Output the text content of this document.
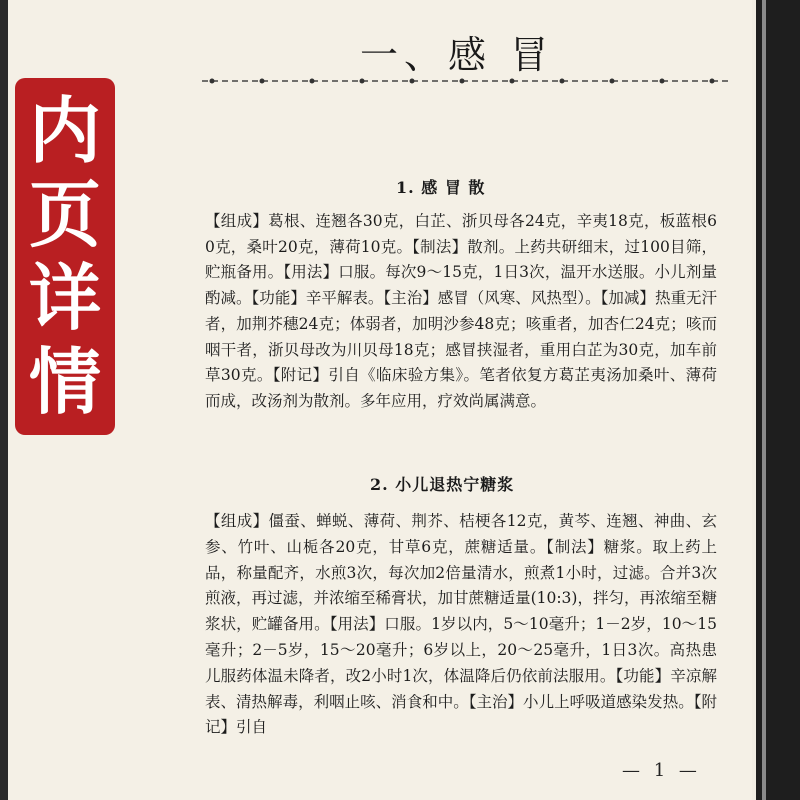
内
页
详
情
一、感 冒
1. 感 冒 散

【组成】葛根、连翘各30克，白芷、浙贝母各24克，辛夷18克，板蓝根60克，桑叶20克，薄荷10克。【制法】散剂。上药共研细末，过100目筛，贮瓶备用。【用法】口服。每次9～15克，1日3次，温开水送服。小儿剂量酌减。【功能】辛平解表。【主治】感冒（风寒、风热型）。【加减】热重无汗者，加荆芥穗24克；体弱者，加明沙参48克；咳重者，加杏仁24克；咳而咽干者，浙贝母改为川贝母18克；感冒挟湿者，重用白芷为30克，加车前草30克。【附记】引自《临床验方集》。笔者依复方葛芷夷汤加桑叶、薄荷而成，改汤剂为散剂。多年应用，疗效尚属满意。

2. 小儿退热宁糖浆

【组成】僵蚕、蝉蜕、薄荷、荆芥、桔梗各12克，黄芩、连翘、神曲、玄参、竹叶、山栀各20克，甘草6克，蔗糖适量。【制法】糖浆。取上药上品，称量配齐，水煎3次，每次加2倍量清水，煎煮1小时，过滤。合并3次煎液，再过滤，并浓缩至稀膏状，加甘蔗糖适量(10:3)，拌匀，再浓缩至糖浆状，贮罐备用。【用法】口服。1岁以内，5～10毫升；1－2岁，10～15毫升；2－5岁，15～20毫升；6岁以上，20～25毫升，1日3次。高热患儿服药体温未降者，改2小时1次，体温降后仍依前法服用。【功能】辛凉解表、清热解毒，利咽止咳、消食和中。【主治】小儿上呼吸道感染发热。【附记】引自

— 1 —
